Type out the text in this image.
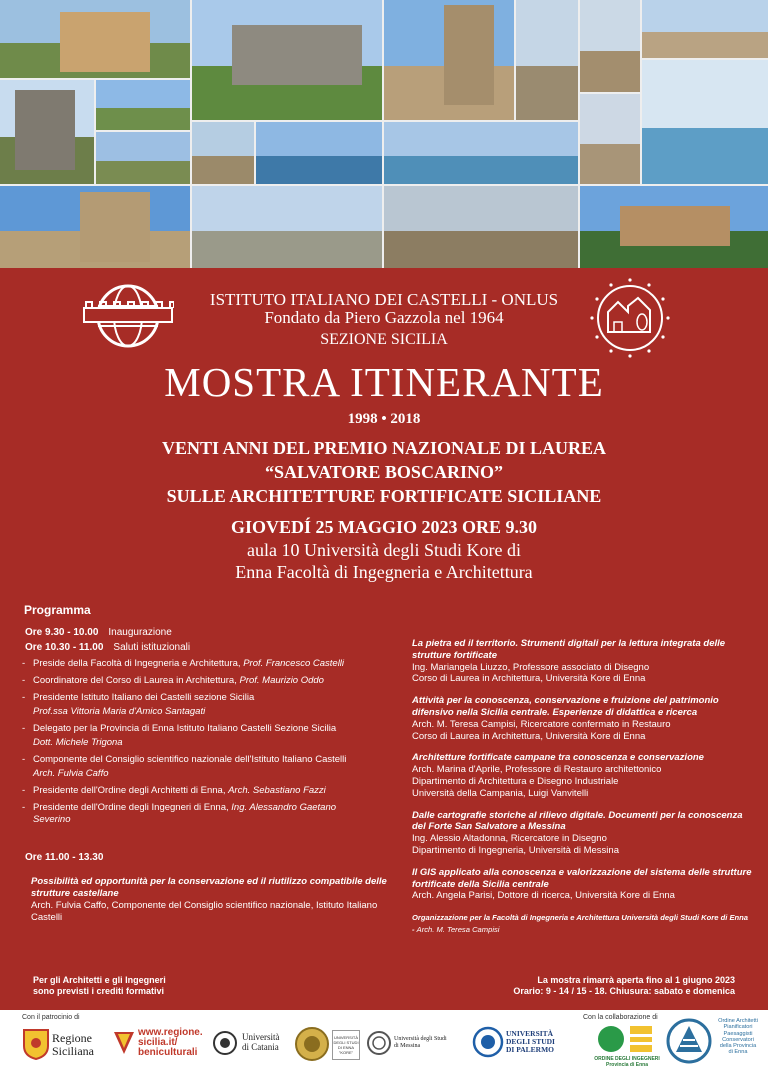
ISTITUTO ITALIANO DEI CASTELLI - ONLUS
Fondato da Piero Gazzola nel 1964
SEZIONE SICILIA
MOSTRA ITINERANTE
1998 • 2018
VENTI ANNI DEL PREMIO NAZIONALE DI LAUREA
“SALVATORE BOSCARINO”
SULLE ARCHITETTURE FORTIFICATE SICILIANE
GIOVEDÍ 25 MAGGIO 2023 ORE 9.30
aula 10 Università degli Studi Kore di
Enna Facoltà di Ingegneria e Architettura
Programma
Ore 9.30 - 10.00 Inaugurazione
Ore 10.30 - 11.00 Saluti istituzionali
- Preside della Facoltà di Ingegneria e Architettura, Prof. Francesco Castelli
- Coordinatore del Corso di Laurea in Architettura, Prof. Maurizio Oddo
- Presidente Istituto Italiano dei Castelli sezione Sicilia
Prof.ssa Vittoria Maria d'Amico Santagati
- Delegato per la Provincia di Enna Istituto Italiano Castelli Sezione Sicilia
Dott. Michele Trigona
- Componente del Consiglio scientifico nazionale dell'Istituto Italiano Castelli
Arch. Fulvia Caffo
- Presidente dell'Ordine degli Architetti di Enna, Arch. Sebastiano Fazzi
- Presidente dell'Ordine degli Ingegneri di Enna, Ing. Alessandro Gaetano Severino
Ore 11.00 - 13.30
Possibilità ed opportunità per la conservazione ed il riutilizzo compatibile delle strutture castellane
Arch. Fulvia Caffo, Componente del Consiglio scientifico nazionale, Istituto Italiano Castelli
La pietra ed il territorio. Strumenti digitali per la lettura integrata delle strutture fortificate
Ing. Mariangela Liuzzo, Professore associato di Disegno
Corso di Laurea in Architettura, Università Kore di Enna
Attività per la conoscenza, conservazione e fruizione del patrimonio difensivo nella Sicilia centrale. Esperienze di didattica e ricerca
Arch. M. Teresa Campisi, Ricercatore confermato in Restauro
Corso di Laurea in Architettura, Università Kore di Enna
Architetture fortificate campane tra conoscenza e conservazione
Arch. Marina d'Aprile, Professore di Restauro architettonico
Dipartimento di Architettura e Disegno Industriale
Università della Campania, Luigi Vanvitelli
Dalle cartografie storiche al rilievo digitale. Documenti per la conoscenza del Forte San Salvatore a Messina
Ing. Alessio Altadonna, Ricercatore in Disegno
Dipartimento di Ingegneria, Università di Messina
Il GIS applicato alla conoscenza e valorizzazione del sistema delle strutture fortificate della Sicilia centrale
Arch. Angela Parisi, Dottore di ricerca, Università Kore di Enna
Organizzazione per la Facoltà di Ingegneria e Architettura Università degli Studi Kore di Enna - Arch. M. Teresa Campisi
Per gli Architetti e gli Ingegneri
sono previsti i crediti formativi
La mostra rimarrà aperta fino al 1 giugno 2023
Orario: 9 - 14 / 15 - 18. Chiusura: sabato e domenica
Con il patrocinio di	Con la collaborazione di
Regione
Siciliana
www.regione.
sicilia.it/
beniculturali
Università
di Catania
UNIVERSITÀ
DEGLI STUDI
DI ENNA
"KORE"
Università degli Studi
di Messina
UNIVERSITÀ
DEGLI STUDI
DI PALERMO
ORDINE DEGLI INGEGNERI
Provincia di Enna
Ordine Architetti
Pianificatori
Paesaggisti
Conservatori
della Provincia
di Enna
